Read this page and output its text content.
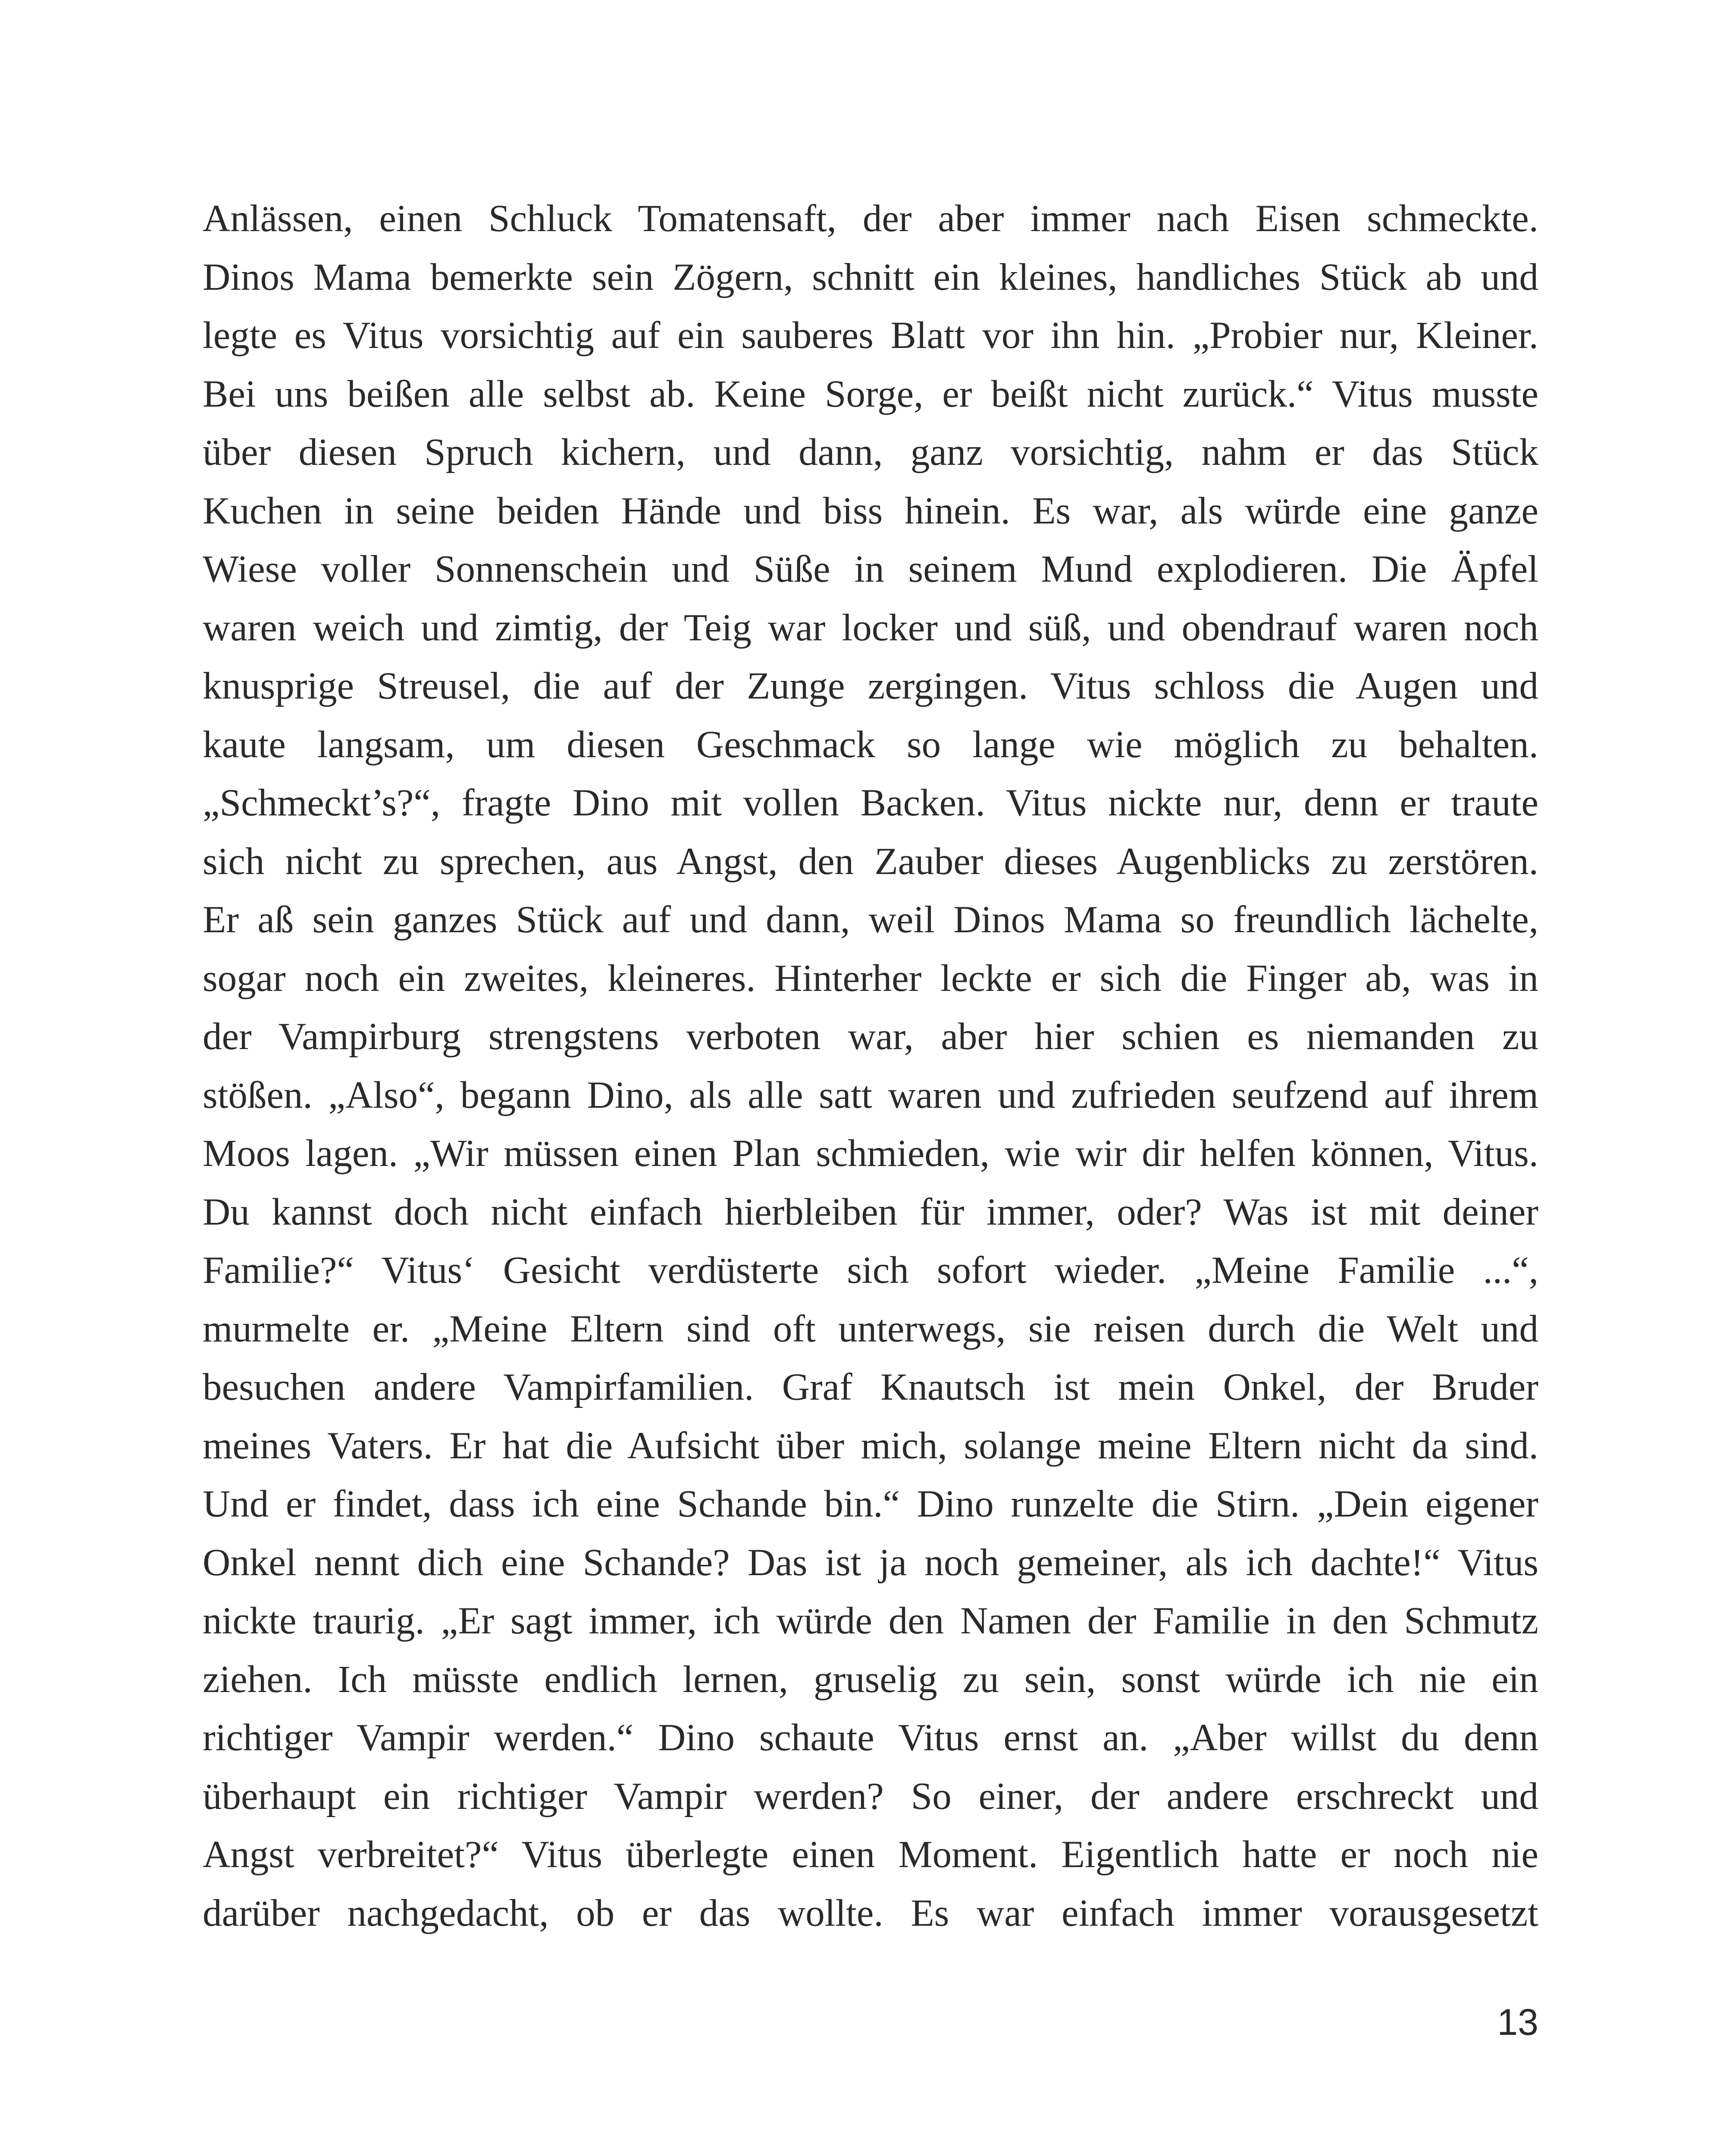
Anlässen, einen Schluck Tomatensaft, der aber immer nach Eisen schmeckte.
Dinos Mama bemerkte sein Zögern, schnitt ein kleines, handliches Stück ab und
legte es Vitus vorsichtig auf ein sauberes Blatt vor ihn hin. „Probier nur, Kleiner.
Bei uns beißen alle selbst ab. Keine Sorge, er beißt nicht zurück.“ Vitus musste
über diesen Spruch kichern, und dann, ganz vorsichtig, nahm er das Stück
Kuchen in seine beiden Hände und biss hinein. Es war, als würde eine ganze
Wiese voller Sonnenschein und Süße in seinem Mund explodieren. Die Äpfel
waren weich und zimtig, der Teig war locker und süß, und obendrauf waren noch
knusprige Streusel, die auf der Zunge zergingen. Vitus schloss die Augen und
kaute langsam, um diesen Geschmack so lange wie möglich zu behalten.
„Schmeckt’s?“, fragte Dino mit vollen Backen. Vitus nickte nur, denn er traute
sich nicht zu sprechen, aus Angst, den Zauber dieses Augenblicks zu zerstören.
Er aß sein ganzes Stück auf und dann, weil Dinos Mama so freundlich lächelte,
sogar noch ein zweites, kleineres. Hinterher leckte er sich die Finger ab, was in
der Vampirburg strengstens verboten war, aber hier schien es niemanden zu
stößen. „Also“, begann Dino, als alle satt waren und zufrieden seufzend auf ihrem
Moos lagen. „Wir müssen einen Plan schmieden, wie wir dir helfen können, Vitus.
Du kannst doch nicht einfach hierbleiben für immer, oder? Was ist mit deiner
Familie?“ Vitus‘ Gesicht verdüsterte sich sofort wieder. „Meine Familie ...“,
murmelte er. „Meine Eltern sind oft unterwegs, sie reisen durch die Welt und
besuchen andere Vampirfamilien. Graf Knautsch ist mein Onkel, der Bruder
meines Vaters. Er hat die Aufsicht über mich, solange meine Eltern nicht da sind.
Und er findet, dass ich eine Schande bin.“ Dino runzelte die Stirn. „Dein eigener
Onkel nennt dich eine Schande? Das ist ja noch gemeiner, als ich dachte!“ Vitus
nickte traurig. „Er sagt immer, ich würde den Namen der Familie in den Schmutz
ziehen. Ich müsste endlich lernen, gruselig zu sein, sonst würde ich nie ein
richtiger Vampir werden.“ Dino schaute Vitus ernst an. „Aber willst du denn
überhaupt ein richtiger Vampir werden? So einer, der andere erschreckt und
Angst verbreitet?“ Vitus überlegte einen Moment. Eigentlich hatte er noch nie
darüber nachgedacht, ob er das wollte. Es war einfach immer vorausgesetzt
13
